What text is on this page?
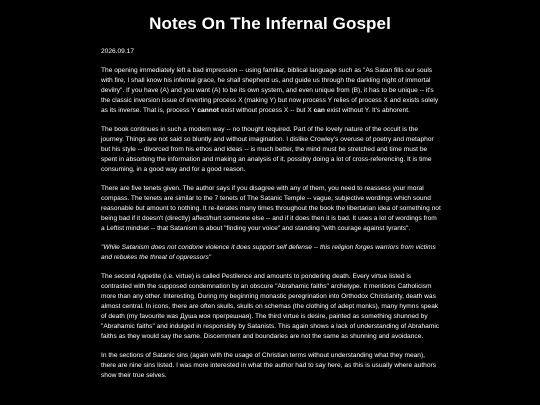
Notes On The Infernal Gospel
2026.09.17

The opening immediately left a bad impression -- using familiar, biblical language such as "As Satan fills our souls with fire, I shall know his infernal grace, he shall shepherd us, and guide us through the darkling night of immortal devilry". If you have (A) and you want (A) to be its own system, and even unique from (B), it has to be unique -- it's the classic inversion issue of inverting process X (making Y) but now process Y relies of process X and exists solely as its inverse. That is, process Y cannot exist without process X -- but X can exist without Y. It's abhorent.

The book continues in such a modern way -- no thought required. Part of the lovely nature of the occult is the journey. Things are not said so bluntly and without imagination. I dislike Crowley's overuse of poetry and metaphor but his style -- divorced from his ethos and ideas -- is much better, the mind must be stretched and time must be spent in absorbing the information and making an analysis of it, possibly doing a lot of cross-referencing. It is time consuming, in a good way and for a good reason.

There are five tenets given. The author says if you disagree with any of them, you need to reassess your moral compass. The tenets are similar to the 7 tenets of The Satanic Temple -- vague, subjective wordings which sound reasonable but amount to nothing. It re-iterates many times throughout the book the libertarian idea of something not being bad if it doesn't (directly) affect/hurt someone else -- and if it does then it is bad. It uses a lot of wordings from a Leftist mindset -- that Satanism is about "finding your voice" and standing "with courage against tyrants".

"While Satanism does not condone violence it does support self defense -- this religion forges warriors from victims and rebukes the threat of oppressors"

The second Appetite (i.e. virtue) is called Pestilence and amounts to pondering death. Every virtue listed is contrasted with the supposed condemnation by an obscure "Abrahamic faiths" archetype. It mentions Catholicism more than any other. Interesting. During my beginning monastic peregrination into Orthodox Christianity, death was almost central. In icons, there are often skulls, skulls on schemas (the clothing of adept monks), many hymns speak of death (my favourite was Душа моя прегрешная). The third virtue is desire, painted as something shunned by "Abrahamic faiths" and indulged in responsibly by Satanists. This again shows a lack of understanding of Abrahamic faiths as they would say the same. Discernment and boundaries are not the same as shunning and avoidance.

In the sections of Satanic sins (again with the usage of Christian terms without understanding what they mean), there are nine sins listed. I was more interested in what the author had to say here, as this is usually where authors show their true selves.
